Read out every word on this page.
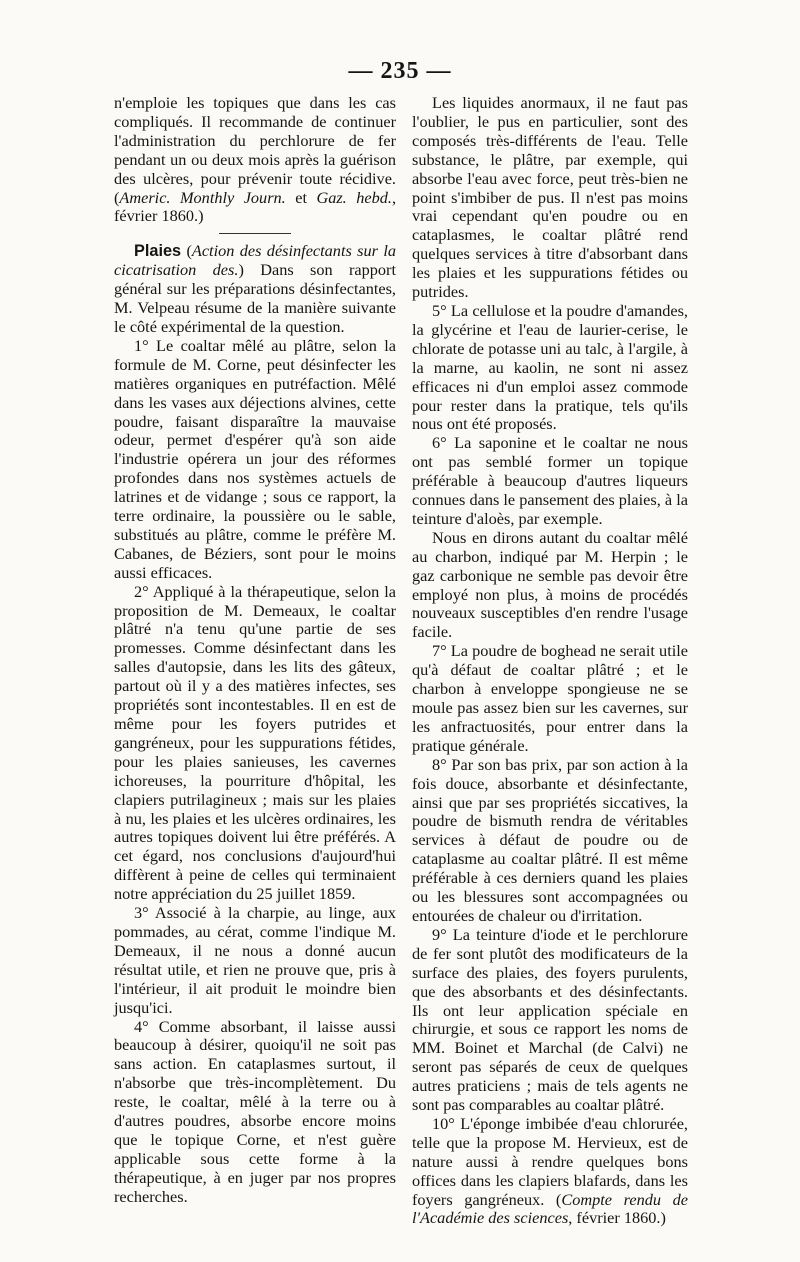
— 235 —

n'emploie les topiques que dans les cas compliqués. Il recommande de continuer l'administration du perchlorure de fer pendant un ou deux mois après la guérison des ulcères, pour prévenir toute récidive. (Americ. Monthly Journ. et Gaz. hebd., février 1860.)

Plaies (Action des désinfectants sur la cicatrisation des.) Dans son rapport général sur les préparations désinfectantes, M. Velpeau résume de la manière suivante le côté expérimental de la question.

1° Le coaltar mêlé au plâtre, selon la formule de M. Corne, peut désinfecter les matières organiques en putréfaction. Mêlé dans les vases aux déjections alvines, cette poudre, faisant disparaître la mauvaise odeur, permet d'espérer qu'à son aide l'industrie opérera un jour des réformes profondes dans nos systèmes actuels de latrines et de vidange ; sous ce rapport, la terre ordinaire, la poussière ou le sable, substitués au plâtre, comme le préfère M. Cabanes, de Béziers, sont pour le moins aussi efficaces.

2° Appliqué à la thérapeutique, selon la proposition de M. Demeaux, le coaltar plâtré n'a tenu qu'une partie de ses promesses. Comme désinfectant dans les salles d'autopsie, dans les lits des gâteux, partout où il y a des matières infectes, ses propriétés sont incontestables. Il en est de même pour les foyers putrides et gangréneux, pour les suppurations fétides, pour les plaies sanieuses, les cavernes ichoreuses, la pourriture d'hôpital, les clapiers putrilagineux ; mais sur les plaies à nu, les plaies et les ulcères ordinaires, les autres topiques doivent lui être préférés. A cet égard, nos conclusions d'aujourd'hui diffèrent à peine de celles qui terminaient notre appréciation du 25 juillet 1859.

3° Associé à la charpie, au linge, aux pommades, au cérat, comme l'indique M. Demeaux, il ne nous a donné aucun résultat utile, et rien ne prouve que, pris à l'intérieur, il ait produit le moindre bien jusqu'ici.

4° Comme absorbant, il laisse aussi beaucoup à désirer, quoiqu'il ne soit pas sans action. En cataplasmes surtout, il n'absorbe que très-incomplètement. Du reste, le coaltar, mêlé à la terre ou à d'autres poudres, absorbe encore moins que le topique Corne, et n'est guère applicable sous cette forme à la thérapeutique, à en juger par nos propres recherches.

Les liquides anormaux, il ne faut pas l'oublier, le pus en particulier, sont des composés très-différents de l'eau. Telle substance, le plâtre, par exemple, qui absorbe l'eau avec force, peut très-bien ne point s'imbiber de pus. Il n'est pas moins vrai cependant qu'en poudre ou en cataplasmes, le coaltar plâtré rend quelques services à titre d'absorbant dans les plaies et les suppurations fétides ou putrides.

5° La cellulose et la poudre d'amandes, la glycérine et l'eau de laurier-cerise, le chlorate de potasse uni au talc, à l'argile, à la marne, au kaolin, ne sont ni assez efficaces ni d'un emploi assez commode pour rester dans la pratique, tels qu'ils nous ont été proposés.

6° La saponine et le coaltar ne nous ont pas semblé former un topique préférable à beaucoup d'autres liqueurs connues dans le pansement des plaies, à la teinture d'aloès, par exemple.

Nous en dirons autant du coaltar mêlé au charbon, indiqué par M. Herpin ; le gaz carbonique ne semble pas devoir être employé non plus, à moins de procédés nouveaux susceptibles d'en rendre l'usage facile.

7° La poudre de boghead ne serait utile qu'à défaut de coaltar plâtré ; et le charbon à enveloppe spongieuse ne se moule pas assez bien sur les cavernes, sur les anfractuosités, pour entrer dans la pratique générale.

8° Par son bas prix, par son action à la fois douce, absorbante et désinfectante, ainsi que par ses propriétés siccatives, la poudre de bismuth rendra de véritables services à défaut de poudre ou de cataplasme au coaltar plâtré. Il est même préférable à ces derniers quand les plaies ou les blessures sont accompagnées ou entourées de chaleur ou d'irritation.

9° La teinture d'iode et le perchlorure de fer sont plutôt des modificateurs de la surface des plaies, des foyers purulents, que des absorbants et des désinfectants. Ils ont leur application spéciale en chirurgie, et sous ce rapport les noms de MM. Boinet et Marchal (de Calvi) ne seront pas séparés de ceux de quelques autres praticiens ; mais de tels agents ne sont pas comparables au coaltar plâtré.

10° L'éponge imbibée d'eau chlorurée, telle que la propose M. Hervieux, est de nature aussi à rendre quelques bons offices dans les clapiers blafards, dans les foyers gangréneux. (Compte rendu de l'Académie des sciences, février 1860.)
